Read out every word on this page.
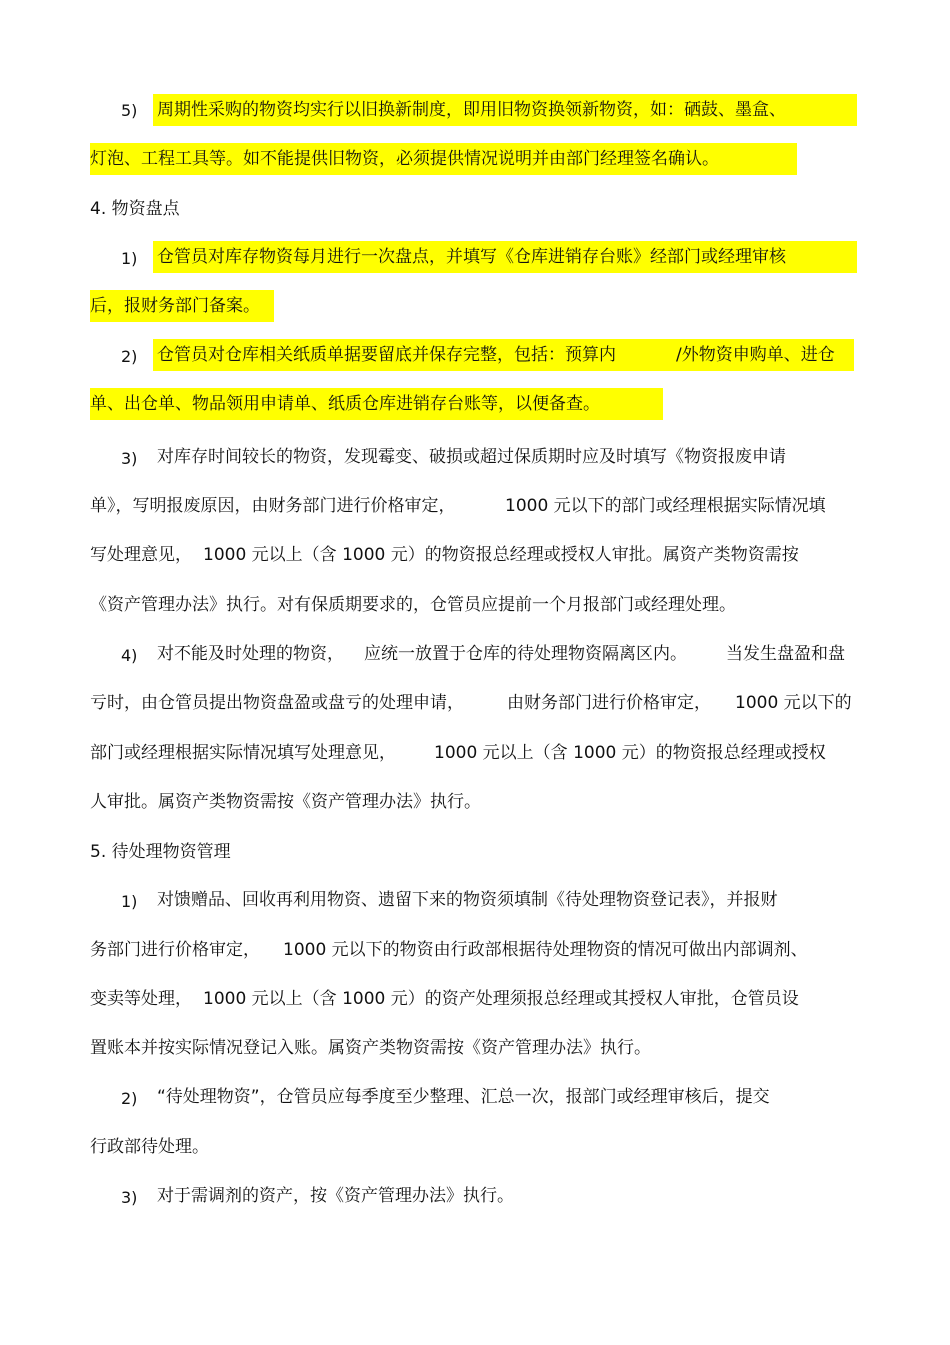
5) 周期性采购的物资均实行以旧换新制度，即用旧物资换领新物资，如：硒鼓、墨盒、
灯泡、工程工具等。如不能提供旧物资，必须提供情况说明并由部门经理签名确认。
4. 物资盘点
1) 仓管员对库存物资每月进行一次盘点，并填写《仓库进销存台账》经部门或经理审核
后，报财务部门备案。
2) 仓管员对仓库相关纸质单据要留底并保存完整，包括：预算内	/外物资申购单、进仓
单、出仓单、物品领用申请单、纸质仓库进销存台账等，以便备查。
3) 对库存时间较长的物资，发现霉变、破损或超过保质期时应及时填写《物资报废申请
单》，写明报废原因，由财务部门进行价格审定，	1000 元以下的部门或经理根据实际情况填
写处理意见， 1000 元以上（含 1000 元）的物资报总经理或授权人审批。属资产类物资需按
《资产管理办法》执行。对有保质期要求的，仓管员应提前一个月报部门或经理处理。
4) 对不能及时处理的物资， 应统一放置于仓库的待处理物资隔离区内。 当发生盘盈和盘
亏时，由仓管员提出物资盘盈或盘亏的处理申请，	由财务部门进行价格审定， 1000 元以下的
部门或经理根据实际情况填写处理意见， 1000 元以上（含 1000 元）的物资报总经理或授权
人审批。属资产类物资需按《资产管理办法》执行。
5. 待处理物资管理
1) 对馈赠品、回收再利用物资、遗留下来的物资须填制《待处理物资登记表》，并报财
务部门进行价格审定， 1000 元以下的物资由行政部根据待处理物资的情况可做出内部调剂、
变卖等处理， 1000 元以上（含 1000 元）的资产处理须报总经理或其授权人审批，仓管员设
置账本并按实际情况登记入账。属资产类物资需按《资产管理办法》执行。
2) “待处理物资”，仓管员应每季度至少整理、汇总一次，报部门或经理审核后，提交
行政部待处理。
3) 对于需调剂的资产，按《资产管理办法》执行。
